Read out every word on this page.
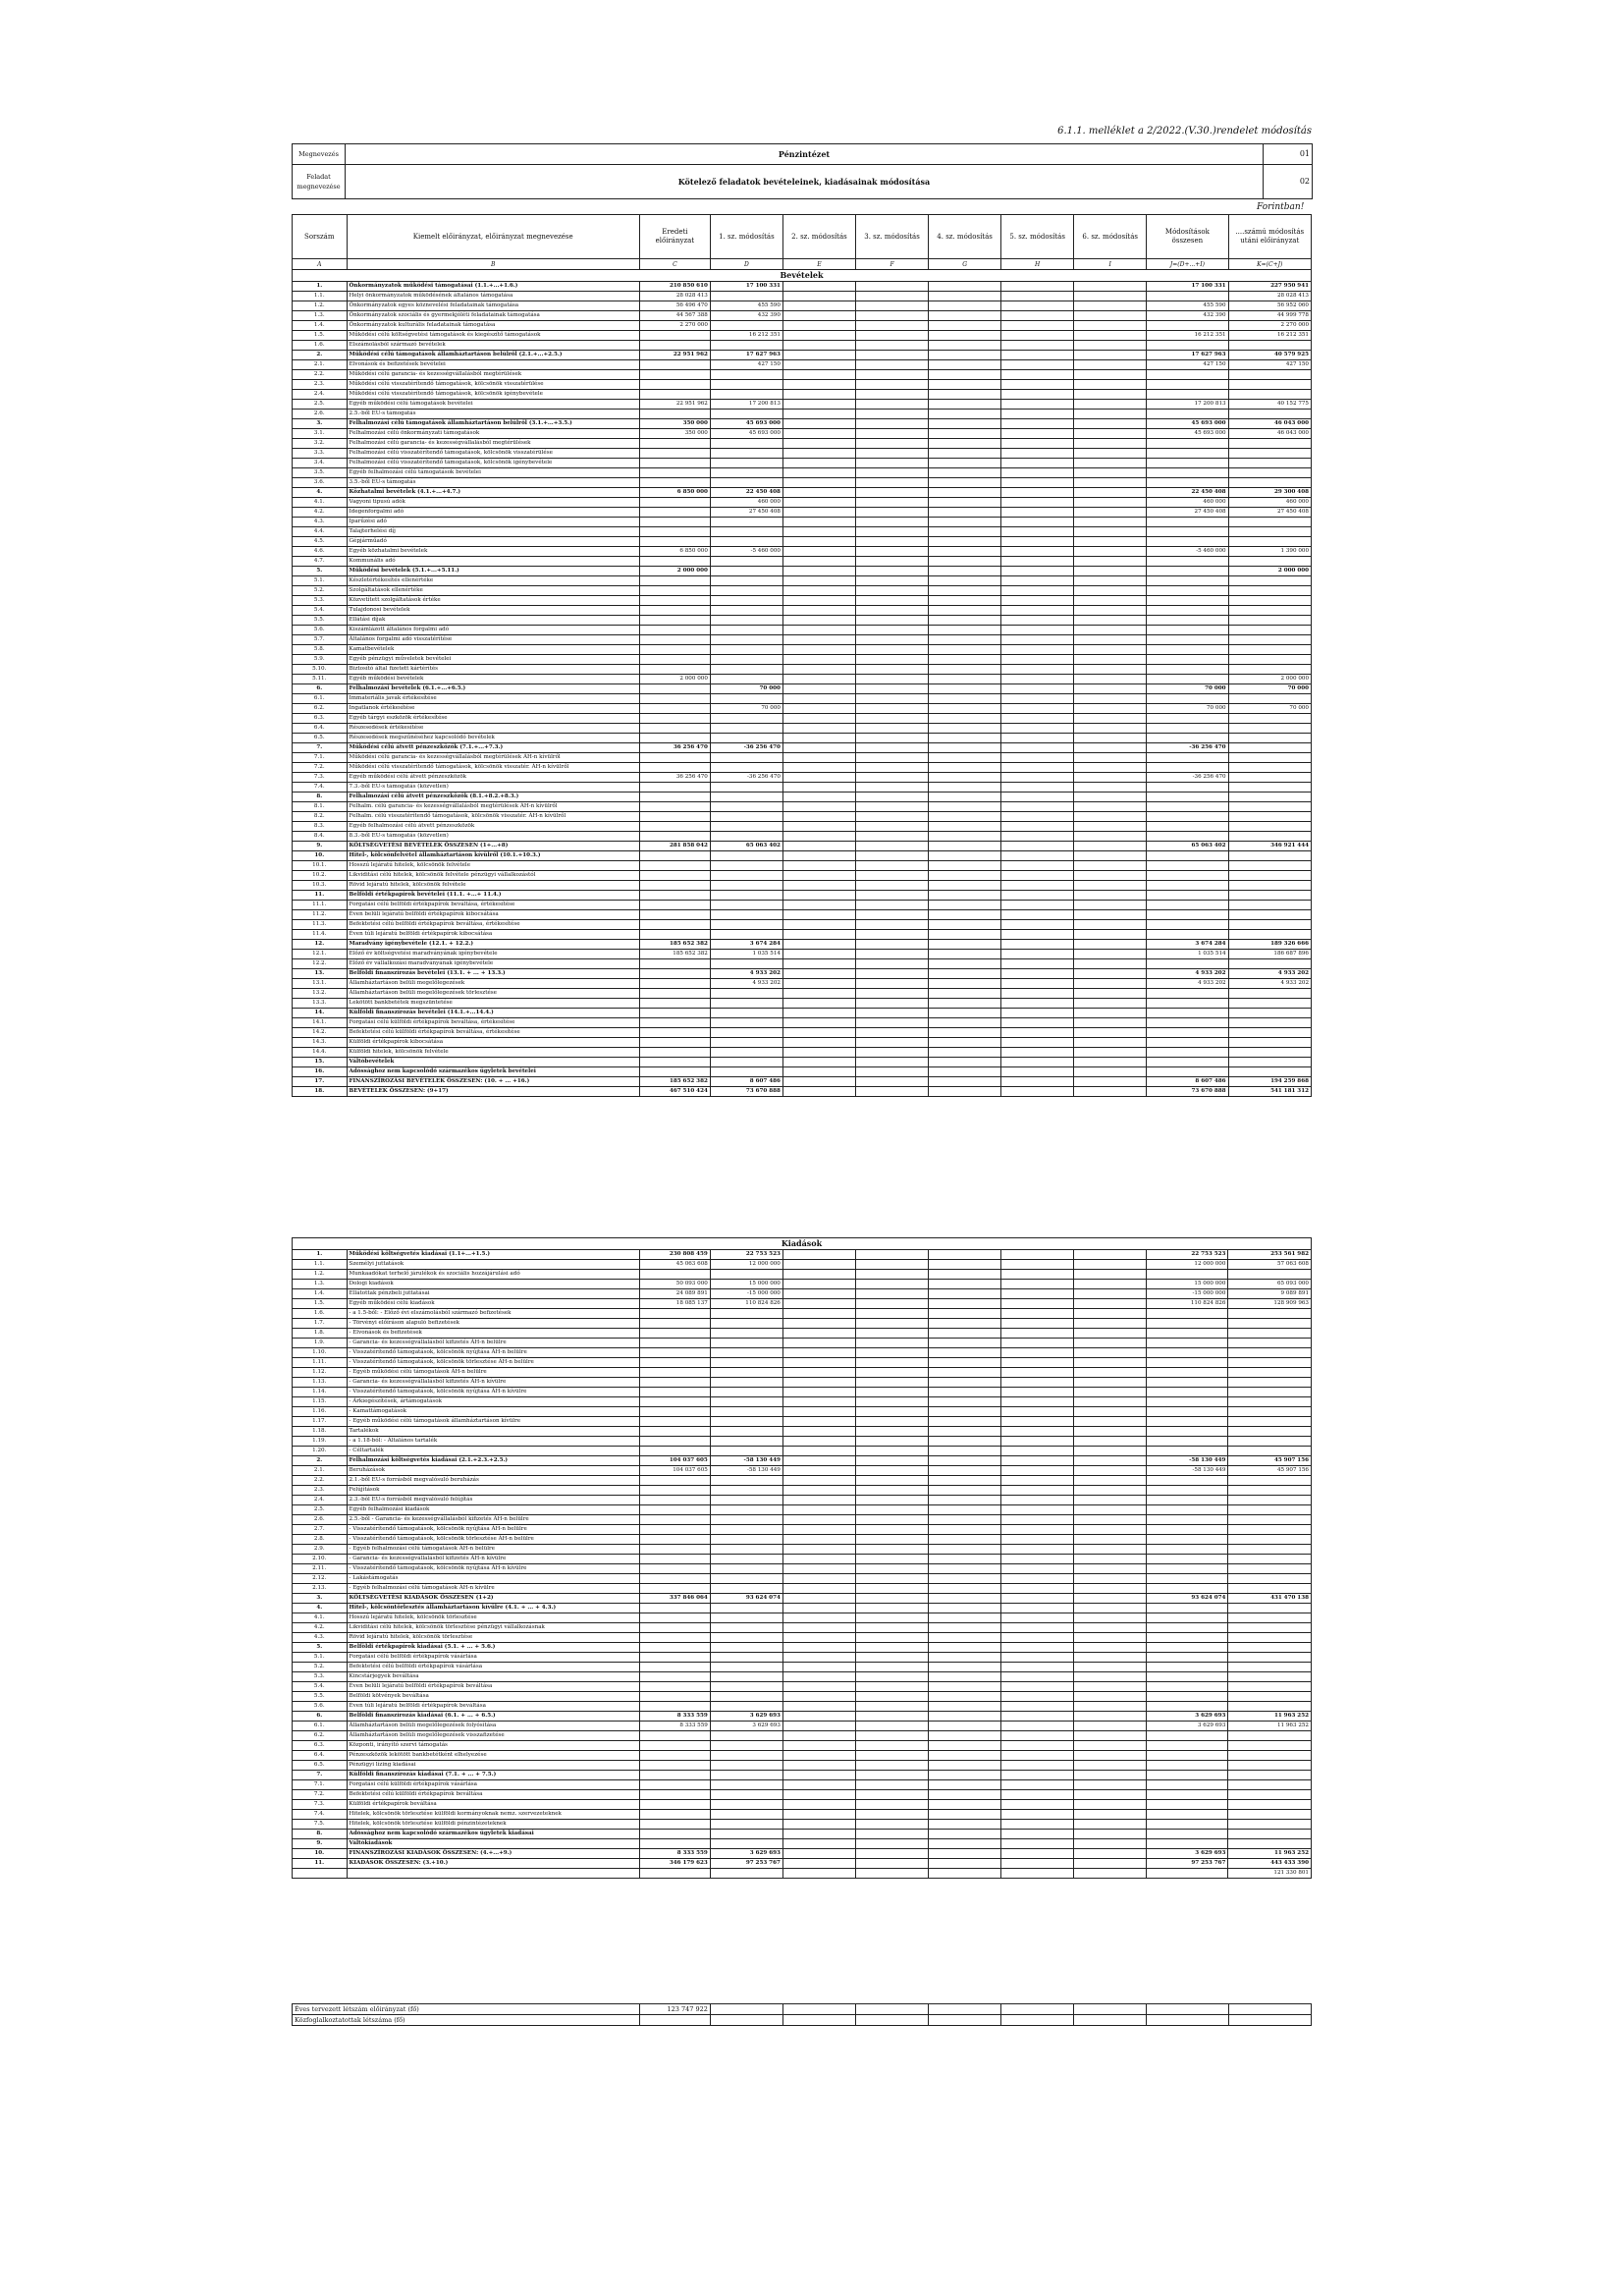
6.1.1. melléklet a 2/2022.(V.30.)rendelet módosítás
Megnevezés	Pénzintézet	01
Feladat megnevezése	Kötelező feladatok bevételeinek, kiadásainak módosítása	02
Forintban!
Sorszám	Kiemelt előirányzat, előirányzat megnevezése	Eredeti előirányzat	1. sz. módosítás	2. sz. módosítás	3. sz. módosítás	4. sz. módosítás	5. sz. módosítás	6. sz. módosítás	Módosítások összesen	....számú módosítás utáni előirányzat
A	B	C	D	E	F	G	H	I	J=(D+...+I)	K=(C+J)
Bevételek										
1.	Önkormányzatok működési támogatásai (1.1.+...+1.6.)	210 850 610	17 100 331						17 100 331	227 950 941
1.1.	Helyi önkormányzatok működésének általános támogatása	28 028 413								28 028 413
1.2.	Önkormányzatok egyes köznevelési feladatainak támogatása	56 496 470	455 590						455 590	56 952 060
1.3.	Önkormányzatok szociális és gyermekjóléti feladatainak támogatása	44 567 388	432 390						432 390	44 999 778
1.4.	Önkormányzatok kulturális feladatainak támogatása	2 270 000								2 270 000
1.5.	Működési célú költségvetési támogatások és kiegészítő támogatások		16 212 351						16 212 351	16 212 351
1.6.	Elszámolásból származó bevételek									
2.	Működési célú támogatások államháztartáson belülről (2.1.+...+2.5.)	22 951 962	17 627 963						17 627 963	40 579 925
2.1.	Elvonások és befizetések bevételei		427 150						427 150	427 150
2.2.	Működési célú garancia- és kezességvállalásból megtérülések									
2.3.	Működési célú visszatérítendő támogatások, kölcsönök visszatérülése									
2.4.	Működési célú visszatérítendő támogatások, kölcsönök igénybevétele									
2.5.	Egyéb működési célú támogatások bevételei	22 951 962	17 200 813						17 200 813	40 152 775
2.6.	2.5.-ből EU-s támogatás									
3.	Felhalmozási célú támogatások államháztartáson belülről (3.1.+...+3.5.)	350 000	45 693 000						45 693 000	46 043 000
3.1.	Felhalmozási célú önkormányzati támogatások	350 000	45 693 000						45 693 000	46 043 000
3.2.	Felhalmozási célú garancia- és kezességvállalásból megtérülések									
3.3.	Felhalmozási célú visszatérítendő támogatások, kölcsönök visszatérülése									
3.4.	Felhalmozási célú visszatérítendő támogatások, kölcsönök igénybevétele									
3.5.	Egyéb felhalmozási célú támogatások bevételei									
3.6.	3.5.-ből EU-s támogatás									
4.	Közhatalmi bevételek (4.1.+...+4.7.)	6 850 000	22 450 408						22 450 408	29 300 408
4.1.	Vagyoni tipusú adók		460 000						460 000	460 000
4.2.	Idegenforgalmi adó		27 450 408						27 450 408	27 450 408
4.3.	Iparűzési adó									
4.4.	Talajterhelési díj									
4.5.	Gépjárműadó									
4.6.	Egyéb közhatalmi bevételek	6 850 000	-5 460 000						-5 460 000	1 390 000
4.7.	Kommunális adó									
5.	Működési bevételek (5.1.+...+5.11.)	2 000 000								2 000 000
5.1.	Készletértékesítés ellenértéke									
5.2.	Szolgáltatások ellenértéke									
5.3.	Közvetített szolgáltatások értéke									
5.4.	Tulajdonosi bevételek									
5.5.	Ellátási díjak									
5.6.	Kiszámlázott általános forgalmi adó									
5.7.	Általános forgalmi adó visszatérítése									
5.8.	Kamatbevételek									
5.9.	Egyéb pénzügyi műveletek bevételei									
5.10.	Biztosító által fizetett kártérítés									
5.11.	Egyéb működési bevételek	2 000 000								2 000 000
6.	Felhalmozási bevételek (6.1.+...+6.5.)		70 000						70 000	70 000
6.1.	Immateriális javak értékesítése									
6.2.	Ingatlanok értékesítése		70 000						70 000	70 000
6.3.	Egyéb tárgyi eszközök értékesítése									
6.4.	Részesedések értékesítése									
6.5.	Részesedések megszűnéséhez kapcsolódó bevételek									
7.	Működési célú átvett pénzeszközök (7.1.+...+7.3.)	36 256 470	-36 256 470						-36 256 470	
7.1.	Működési célú garancia- és kezességvállalásból megtérülések ÁH-n kívülről									
7.2.	Működési célú visszatérítendő támogatások, kölcsönök visszatér. ÁH-n kívülről									
7.3.	Egyéb működési célú átvett pénzeszközök	36 256 470	-36 256 470						-36 256 470	
7.4.	7.3.-ből EU-s támogatás (közvetlen)									
8.	Felhalmozási célú átvett pénzeszközök (8.1.+8.2.+8.3.)									
8.1.	Felhalm. célú garancia- és kezességvállalásból megtérülések ÁH-n kívülről									
8.2.	Felhalm. célú visszatérítendő támogatások, kölcsönök visszatér. ÁH-n kívülről									
8.3.	Egyéb felhalmozási célú átvett pénzeszközök									
8.4.	8.3.-ből EU-s támogatás (közvetlen)									
9.	KÖLTSÉGVETÉSI BEVÉTELEK ÖSSZESEN (1+...+8)	281 858 042	65 063 402						65 063 402	346 921 444
10.	Hitel-, kölcsönfelvétel államháztartáson kívülről (10.1.+10.3.)									
10.1.	Hosszú lejáratú hitelek, kölcsönök felvétele									
10.2.	Likviditási célú hitelek, kölcsönök felvétele pénzügyi vállalkozástól									
10.3.	Rövid lejáratú hitelek, kölcsönök felvétele									
11.	Belföldi értékpapírok bevételei (11.1. +...+ 11.4.)									
11.1.	Forgatási célú belföldi értékpapírok beváltása, értékesítése									
11.2.	Éven belüli lejáratú belföldi értékpapírok kibocsátása									
11.3.	Befektetési célú belföldi értékpapírok beváltása, értékesítése									
11.4.	Éven túli lejáratú belföldi értékpapírok kibocsátása									
12.	Maradvány igénybevétele (12.1. + 12.2.)	185 652 382	3 674 284						3 674 284	189 326 666
12.1.	Előző év költségvetési maradványának igénybevétele	185 652 382	1 035 514						1 035 514	186 687 896
12.2.	Előző év vállalkozási maradványának igénybevétele									
13.	Belföldi finanszírozás bevételei (13.1. + ... + 13.3.)		4 933 202						4 933 202	4 933 202
13.1.	Államháztartáson belüli megelőlegezések		4 933 202						4 933 202	4 933 202
13.2.	Államháztartáson belüli megelőlegezések törlesztése									
13.3.	Lekötött bankbetétek megszüntetése									
14.	Külföldi finanszírozás bevételei (14.1.+...14.4.)									
14.1.	Forgatási célú külföldi értékpapírok beváltása, értékesítése									
14.2.	Befektetési célú külföldi értékpapírok beváltása, értékesítése									
14.3.	Külföldi értékpapírok kibocsátása									
14.4.	Külföldi hitelek, kölcsönök felvétele									
15.	Váltóbevételek									
16.	Adóssághoz nem kapcsolódó származékos ügyletek bevételei									
17.	FINANSZÍROZÁSI BEVÉTELEK ÖSSZESEN: (10. + ... +16.)	185 652 382	8 607 486						8 607 486	194 259 868
18.	BEVÉTELEK ÖSSZESEN: (9+17)	467 510 424	73 670 888						73 670 888	541 181 312
Kiadások										
1.	Működési költségvetés kiadásai (1.1+...+1.5.)	230 808 459	22 753 523						22 753 523	253 561 982
1.1.	Személyi juttatások	45 063 608	12 000 000						12 000 000	57 063 608
1.2.	Munkaadókat terhelő járulékok és szociális hozzájárulási adó									
1.3.	Dologi kiadások	50 093 000	15 000 000						15 000 000	65 093 000
1.4.	Ellátottak pénzbeli juttatásai	24 089 891	-15 000 000						-15 000 000	9 089 891
1.5.	Egyéb működési célú kiadások	18 085 137	110 824 826						110 824 826	128 909 963
1.6.	- a 1.5-ből: - Előző évi elszámolásból származó befizetések									
1.7.	- Törvényi előíráson alapuló befizetések									
1.8.	- Elvonások és befizetések									
1.9.	- Garancia- és kezességvállalásból kifizetés ÁH-n belülre									
1.10.	- Visszatérítendő támogatások, kölcsönök nyújtása ÁH-n belülre									
1.11.	- Visszatérítendő támogatások, kölcsönök törlesztése ÁH-n belülre									
1.12.	- Egyéb működési célú támogatások ÁH-n belülre									
1.13.	- Garancia- és kezességvállalásból kifizetés ÁH-n kívülre									
1.14.	- Visszatérítendő támogatások, kölcsönök nyújtása ÁH-n kívülre									
1.15.	- Árkiegészítések, ártámogatások									
1.16.	- Kamattámogatások									
1.17.	- Egyéb működési célú támogatások államháztartáson kívülre									
1.18.	Tartalékok									
1.19.	- a 1.18-ból: - Általános tartalék									
1.20.	- Céltartalék									
2.	Felhalmozási költségvetés kiadásai (2.1.+2.3.+2.5.)	104 037 605	-58 130 449						-58 130 449	45 907 156
2.1.	Beruházások	104 037 605	-58 130 449						-58 130 449	45 907 156
2.2.	2.1.-ből EU-s forrásból megvalósuló beruházás									
2.3.	Felújítások									
2.4.	2.3.-ból EU-s forrásból megvalósuló felújítás									
2.5.	Egyéb felhalmozási kiadások									
2.6.	2.5.-ből - Garancia- és kezességvállalásból kifizetés ÁH-n belülre									
2.7.	- Visszatérítendő támogatások, kölcsönök nyújtása ÁH-n belülre									
2.8.	- Visszatérítendő támogatások, kölcsönök törlesztése ÁH-n belülre									
2.9.	- Egyéb felhalmozási célú támogatások ÁH-n belülre									
2.10.	- Garancia- és kezességvállalásból kifizetés ÁH-n kívülre									
2.11.	- Visszatérítendő támogatások, kölcsönök nyújtása ÁH-n kívülre									
2.12.	- Lakástámogatás									
2.13.	- Egyéb felhalmozási célú támogatások ÁH-n kívülre									
3.	KÖLTSÉGVETÉSI KIADÁSOK ÖSSZESEN (1+2)	337 846 064	93 624 074						93 624 074	431 470 138
4.	Hitel-, kölcsöntörlesztés államháztartáson kívülre (4.1. + ... + 4.3.)									
4.1.	Hosszú lejáratú hitelek, kölcsönök törlesztése									
4.2.	Likviditási célú hitelek, kölcsönök törlesztése pénzügyi vállalkozásnak									
4.3.	Rövid lejáratú hitelek, kölcsönök törlesztése									
5.	Belföldi értékpapírok kiadásai (5.1. + ... + 5.6.)									
5.1.	Forgatási célú belföldi értékpapírok vásárlása									
5.2.	Befektetési célú belföldi értékpapírok vásárlása									
5.3.	Kincstárjegyek beváltása									
5.4.	Éven belüli lejáratú belföldi értékpapírok beváltása									
5.5.	Belföldi kötvények beváltása									
5.6.	Éven túli lejáratú belföldi értékpapírok beváltása									
6.	Belföldi finanszírozás kiadásai (6.1. + ... + 6.5.)	8 333 559	3 629 693						3 629 693	11 963 252
6.1.	Államháztartáson belüli megelőlegezések folyósítása	8 333 559	3 629 693						3 629 693	11 963 252
6.2.	Államháztartáson belüli megelőlegezések visszafizetése									
6.3.	Központi, irányító szervi támogatás									
6.4.	Pénzeszközök lekötött bankbetétként elhelyezése									
6.5.	Pénzügyi lízing kiadásai									
7.	Külföldi finanszírozás kiadásai (7.1. + ... + 7.5.)									
7.1.	Forgatási célú külföldi értékpapírok vásárlása									
7.2.	Befektetési célú külföldi értékpapírok beváltása									
7.3.	Külföldi értékpapírok beváltása									
7.4.	Hitelek, kölcsönök törlesztése külföldi kormányoknak nemz. szervezeteknek									
7.5.	Hitelek, kölcsönök törlesztése külföldi pénzintézeteknek									
8.	Adóssághoz nem kapcsolódó származékos ügyletek kiadásai									
9.	Váltókiadások									
10.	FINANSZÍROZÁSI KIADÁSOK ÖSSZESEN: (4.+...+9.)	8 333 559	3 629 693						3 629 693	11 963 252
11.	KIADÁSOK ÖSSZESEN: (3.+10.)	346 179 623	97 253 767						97 253 767	443 433 390
										121 330 801
Éves tervezett létszám előirányzat (fő)	123 747 922								
Közfoglalkoztatottak létszáma (fő)									
